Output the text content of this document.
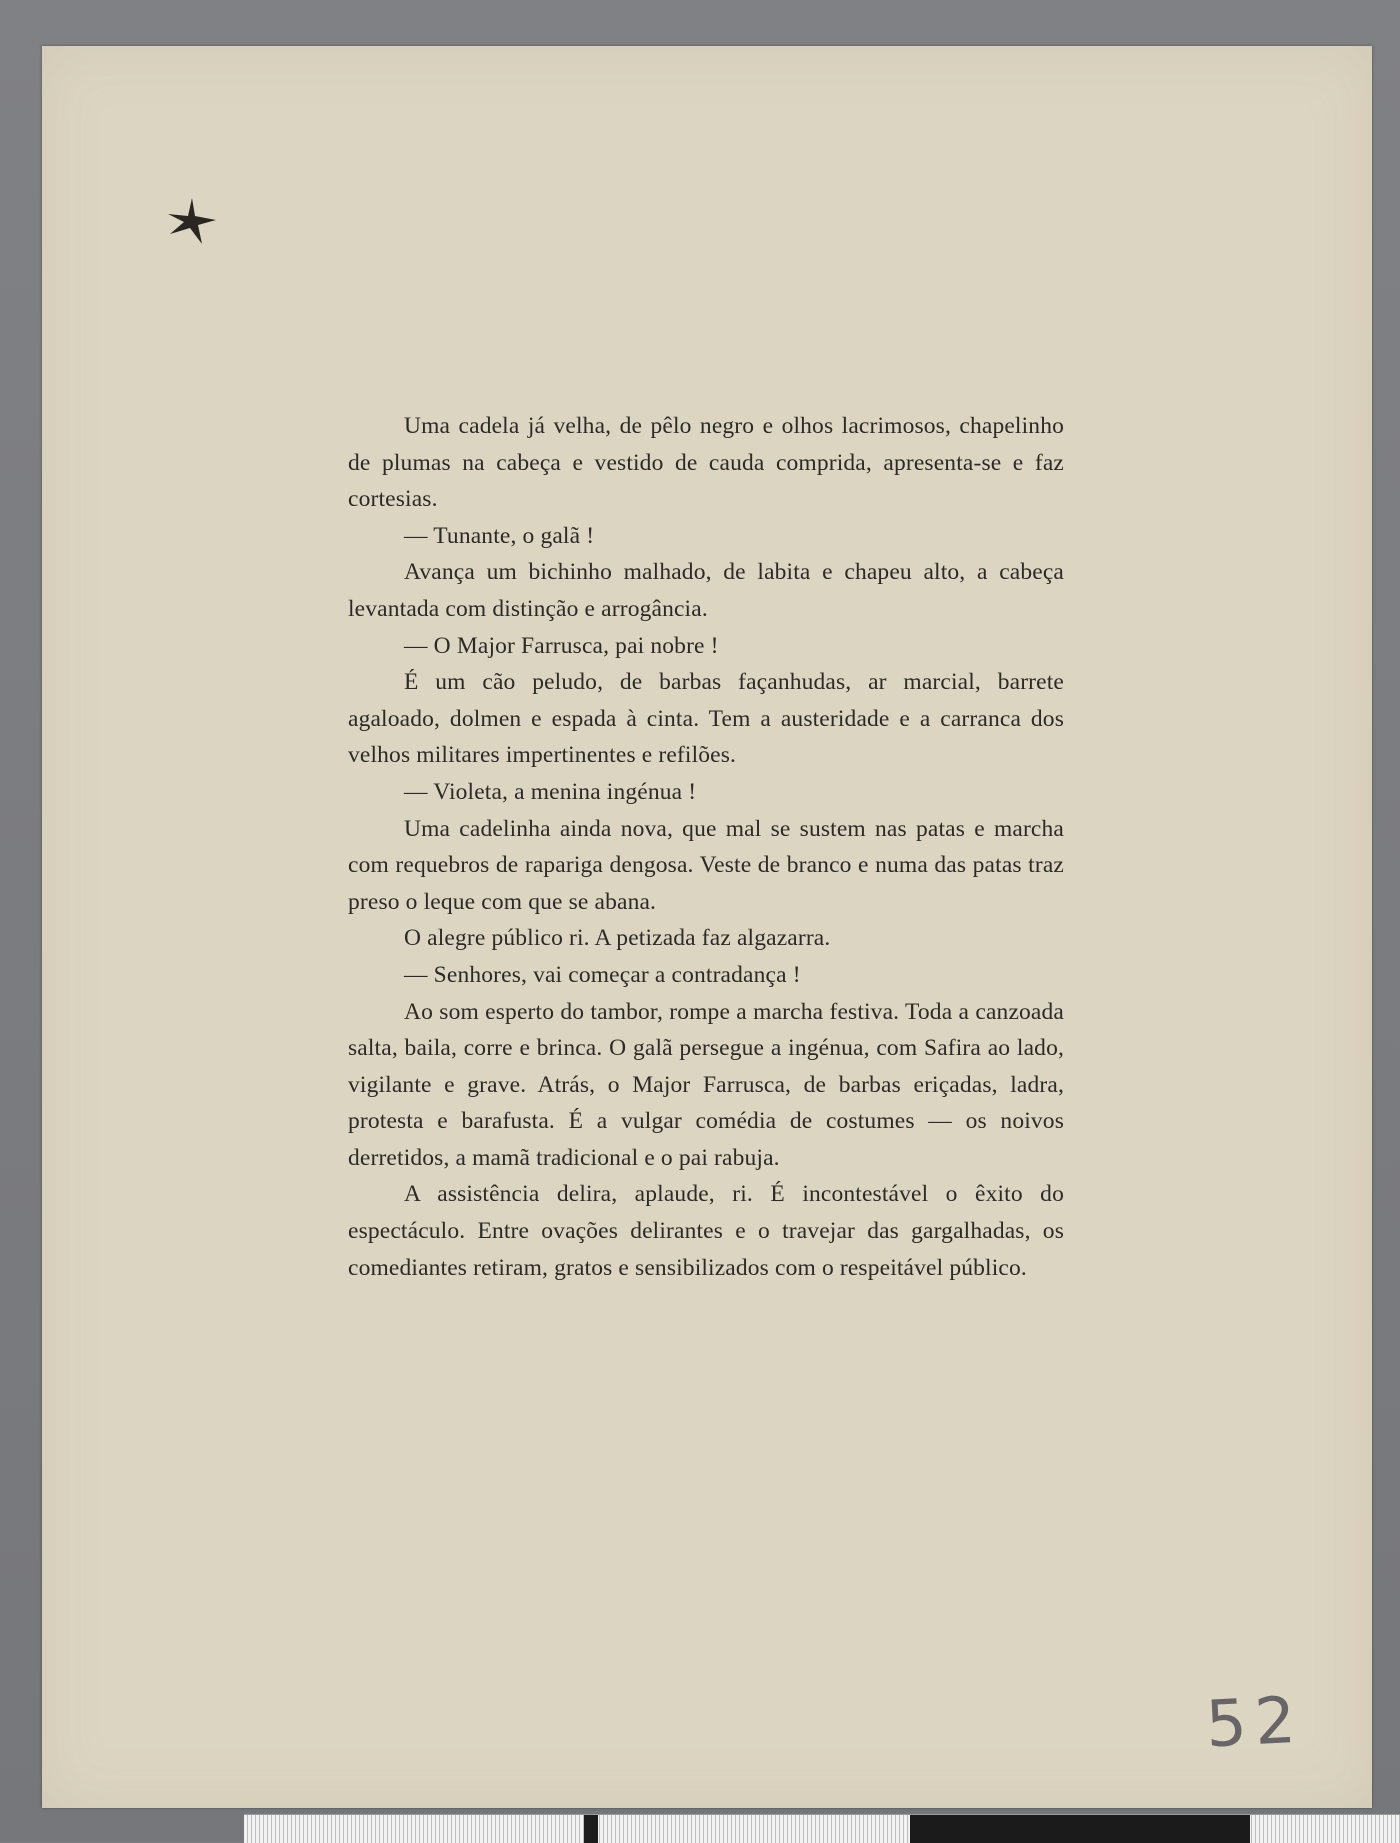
Uma cadela já velha, de pêlo negro e olhos lacrimosos, chapelinho de plumas na cabeça e vestido de cauda comprida, apresenta-se e faz cortesias.

— Tunante, o galã !

Avança um bichinho malhado, de labita e chapeu alto, a cabeça levantada com distinção e arrogância.

— O Major Farrusca, pai nobre !

É um cão peludo, de barbas façanhudas, ar marcial, barrete agaloado, dolmen e espada à cinta. Tem a austeridade e a carranca dos velhos militares impertinentes e refilões.

— Violeta, a menina ingénua !

Uma cadelinha ainda nova, que mal se sustem nas patas e marcha com requebros de rapariga dengosa. Veste de branco e numa das patas traz preso o leque com que se abana.

O alegre público ri. A petizada faz algazarra.

— Senhores, vai começar a contradança !

Ao som esperto do tambor, rompe a marcha festiva. Toda a canzoada salta, baila, corre e brinca. O galã persegue a ingénua, com Safira ao lado, vigilante e grave. Atrás, o Major Farrusca, de barbas eriçadas, ladra, protesta e barafusta. É a vulgar comédia de costumes — os noivos derretidos, a mamã tradicional e o pai rabuja.

A assistência delira, aplaude, ri. É incontestável o êxito do espectáculo. Entre ovações delirantes e o travejar das gargalhadas, os comediantes retiram, gratos e sensibilizados com o respeitável público.

52
